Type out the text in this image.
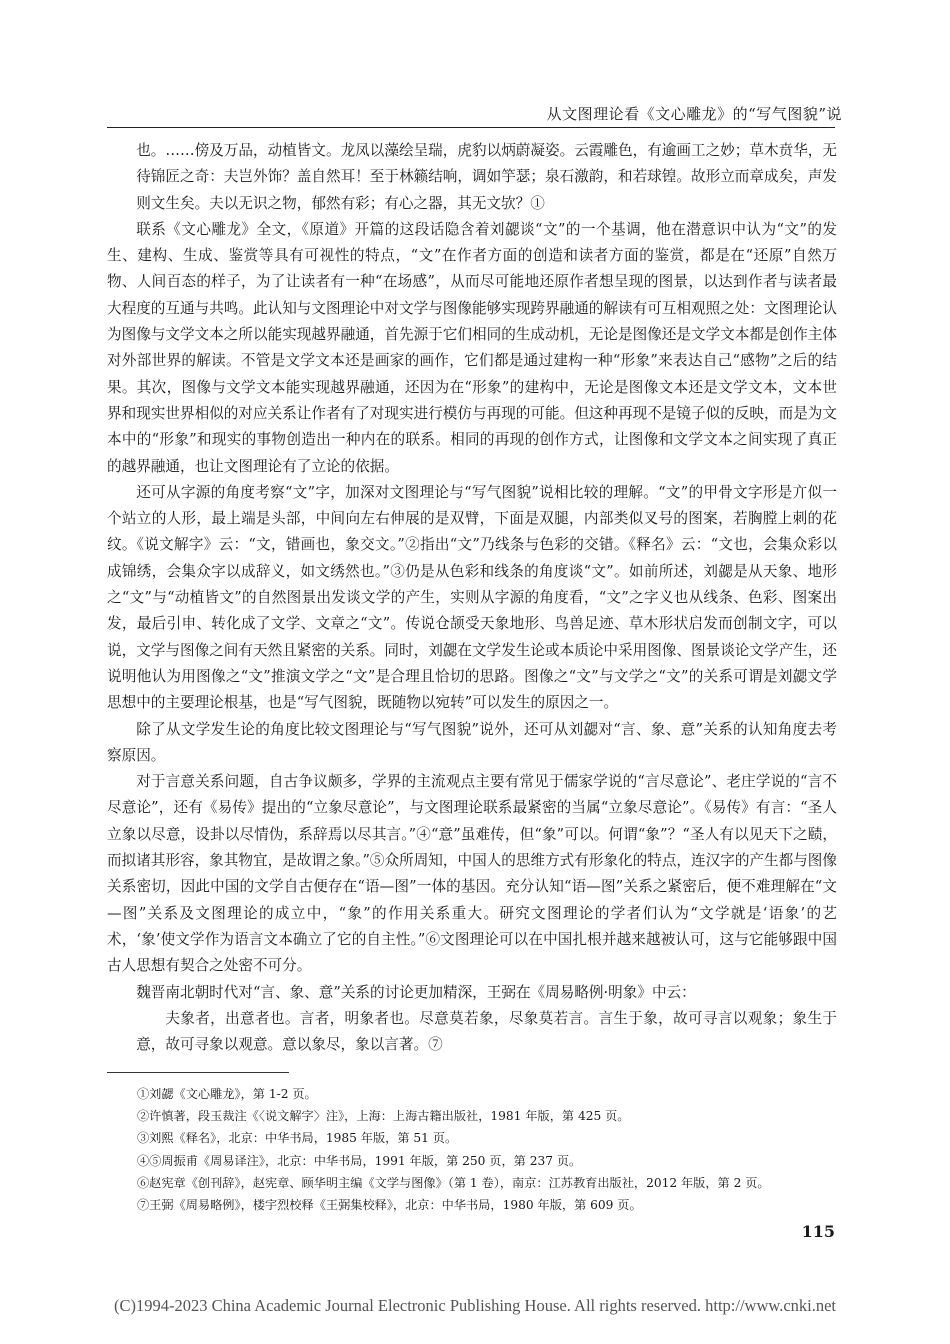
从文图理论看《文心雕龙》的“写气图貌”说

也。……傍及万品，动植皆文。龙凤以藻绘呈瑞，虎豹以炳蔚凝姿。云霞雕色，有逾画工之妙；草木贲华，无待锦匠之奇：夫岂外饰？盖自然耳！至于林籁结响，调如竽瑟；泉石激韵，和若球锽。故形立而章成矣，声发则文生矣。夫以无识之物，郁然有彩；有心之器，其无文欤？①

联系《文心雕龙》全文，《原道》开篇的这段话隐含着刘勰谈“文”的一个基调，他在潜意识中认为“文”的发生、建构、生成、鉴赏等具有可视性的特点，“文”在作者方面的创造和读者方面的鉴赏，都是在“还原”自然万物、人间百态的样子，为了让读者有一种“在场感”，从而尽可能地还原作者想呈现的图景，以达到作者与读者最大程度的互通与共鸣。此认知与文图理论中对文学与图像能够实现跨界融通的解读有可互相观照之处：文图理论认为图像与文学文本之所以能实现越界融通，首先源于它们相同的生成动机，无论是图像还是文学文本都是创作主体对外部世界的解读。不管是文学文本还是画家的画作，它们都是通过建构一种“形象”来表达自己“感物”之后的结果。其次，图像与文学文本能实现越界融通，还因为在“形象”的建构中，无论是图像文本还是文学文本，文本世界和现实世界相似的对应关系让作者有了对现实进行模仿与再现的可能。但这种再现不是镜子似的反映，而是为文本中的“形象”和现实的事物创造出一种内在的联系。相同的再现的创作方式，让图像和文学文本之间实现了真正的越界融通，也让文图理论有了立论的依据。

还可从字源的角度考察“文”字，加深对文图理论与“写气图貌”说相比较的理解。“文”的甲骨文字形是亣似一个站立的人形，最上端是头部，中间向左右伸展的是双臂，下面是双腿，内部类似叉号的图案，若胸膛上刺的花纹。《说文解字》云：“文，错画也，象交文。”②指出“文”乃线条与色彩的交错。《释名》云：“文也，会集众彩以成锦绣，会集众字以成辞义，如文绣然也。”③仍是从色彩和线条的角度谈“文”。如前所述，刘勰是从天象、地形之“文”与“动植皆文”的自然图景出发谈文学的产生，实则从字源的角度看，“文”之字义也从线条、色彩、图案出发，最后引申、转化成了文学、文章之“文”。传说仓颉受天象地形、鸟兽足迹、草木形状启发而创制文字，可以说，文学与图像之间有天然且紧密的关系。同时，刘勰在文学发生论或本质论中采用图像、图景谈论文学产生，还说明他认为用图像之“文”推演文学之“文”是合理且恰切的思路。图像之“文”与文学之“文”的关系可谓是刘勰文学思想中的主要理论根基，也是“写气图貌，既随物以宛转”可以发生的原因之一。

除了从文学发生论的角度比较文图理论与“写气图貌”说外，还可从刘勰对“言、象、意”关系的认知角度去考察原因。

对于言意关系问题，自古争议颇多，学界的主流观点主要有常见于儒家学说的“言尽意论”、老庄学说的“言不尽意论”，还有《易传》提出的“立象尽意论”，与文图理论联系最紧密的当属“立象尽意论”。《易传》有言：“圣人立象以尽意，设卦以尽情伪，系辞焉以尽其言。”④“意”虽难传，但“象”可以。何谓“象”？“圣人有以见天下之赜，而拟诸其形容，象其物宜，是故谓之象。”⑤众所周知，中国人的思维方式有形象化的特点，连汉字的产生都与图像关系密切，因此中国的文学自古便存在“语—图”一体的基因。充分认知“语—图”关系之紧密后，便不难理解在“文—图”关系及文图理论的成立中，“象”的作用关系重大。研究文图理论的学者们认为“文学就是‘语象’的艺术，‘象’使文学作为语言文本确立了它的自主性。”⑥文图理论可以在中国扎根并越来越被认可，这与它能够跟中国古人思想有契合之处密不可分。

魏晋南北朝时代对“言、象、意”关系的讨论更加精深，王弼在《周易略例·明象》中云：

夫象者，出意者也。言者，明象者也。尽意莫若象，尽象莫若言。言生于象，故可寻言以观象；象生于意，故可寻象以观意。意以象尽，象以言著。⑦

①刘勰《文心雕龙》，第 1-2 页。
②许慎著，段玉裁注《〈说文解字〉注》，上海：上海古籍出版社，1981 年版，第 425 页。
③刘熙《释名》，北京：中华书局，1985 年版，第 51 页。
④⑤周振甫《周易译注》，北京：中华书局，1991 年版，第 250 页，第 237 页。
⑥赵宪章《创刊辞》，赵宪章、顾华明主编《文学与图像》（第 1 卷），南京：江苏教育出版社，2012 年版，第 2 页。
⑦王弼《周易略例》，楼宇烈校释《王弼集校释》，北京：中华书局，1980 年版，第 609 页。
115
(C)1994-2023 China Academic Journal Electronic Publishing House. All rights reserved. http://www.cnki.net
